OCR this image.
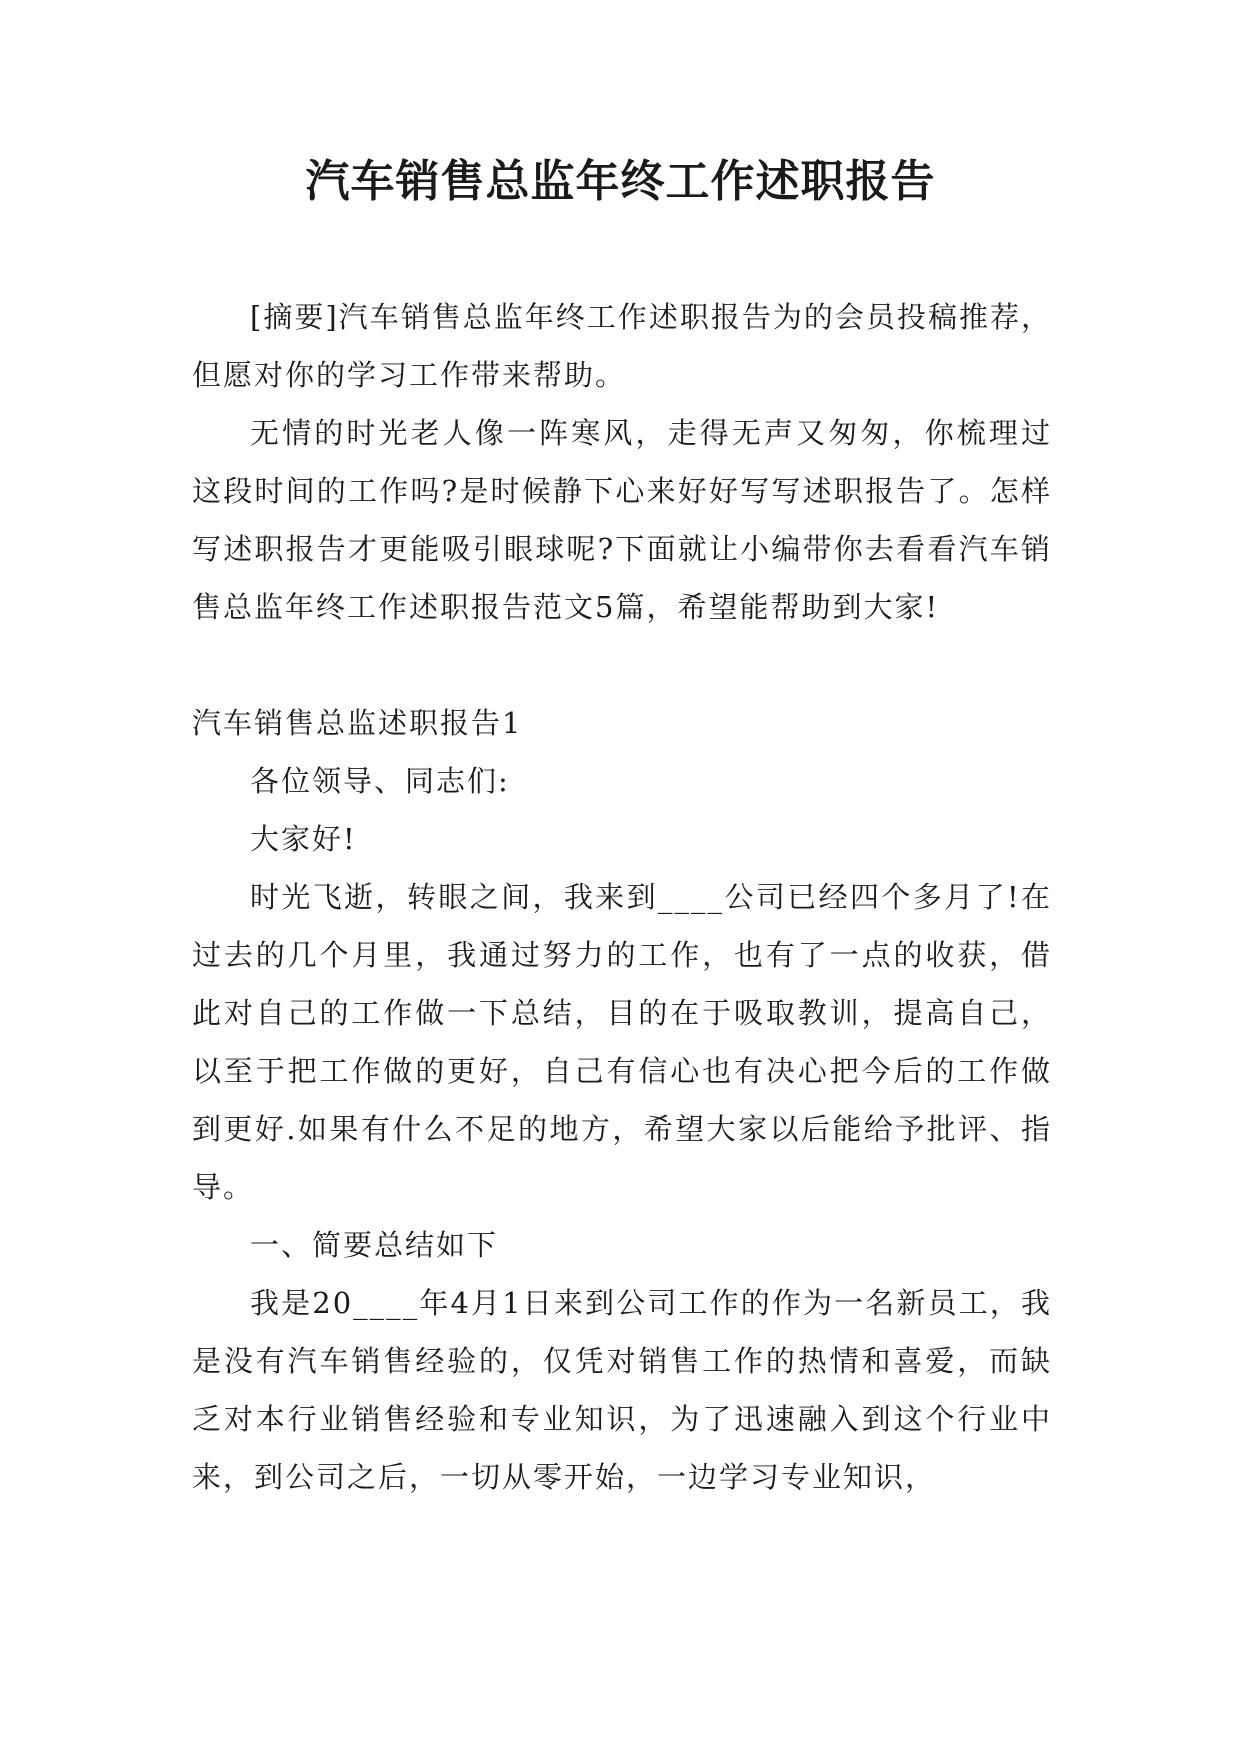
汽车销售总监年终工作述职报告

[摘要]汽车销售总监年终工作述职报告为的会员投稿推荐，但愿对你的学习工作带来帮助。

无情的时光老人像一阵寒风，走得无声又匆匆，你梳理过这段时间的工作吗?是时候静下心来好好写写述职报告了。怎样写述职报告才更能吸引眼球呢?下面就让小编带你去看看汽车销售总监年终工作述职报告范文5篇，希望能帮助到大家!

汽车销售总监述职报告1

各位领导、同志们:

大家好!

时光飞逝，转眼之间，我来到____公司已经四个多月了!在过去的几个月里，我通过努力的工作，也有了一点的收获，借此对自己的工作做一下总结，目的在于吸取教训，提高自己，以至于把工作做的更好，自己有信心也有决心把今后的工作做到更好.如果有什么不足的地方，希望大家以后能给予批评、指导。

一、简要总结如下

我是20____年4月1日来到公司工作的作为一名新员工，我是没有汽车销售经验的，仅凭对销售工作的热情和喜爱，而缺乏对本行业销售经验和专业知识，为了迅速融入到这个行业中来，到公司之后，一切从零开始，一边学习专业知识，
